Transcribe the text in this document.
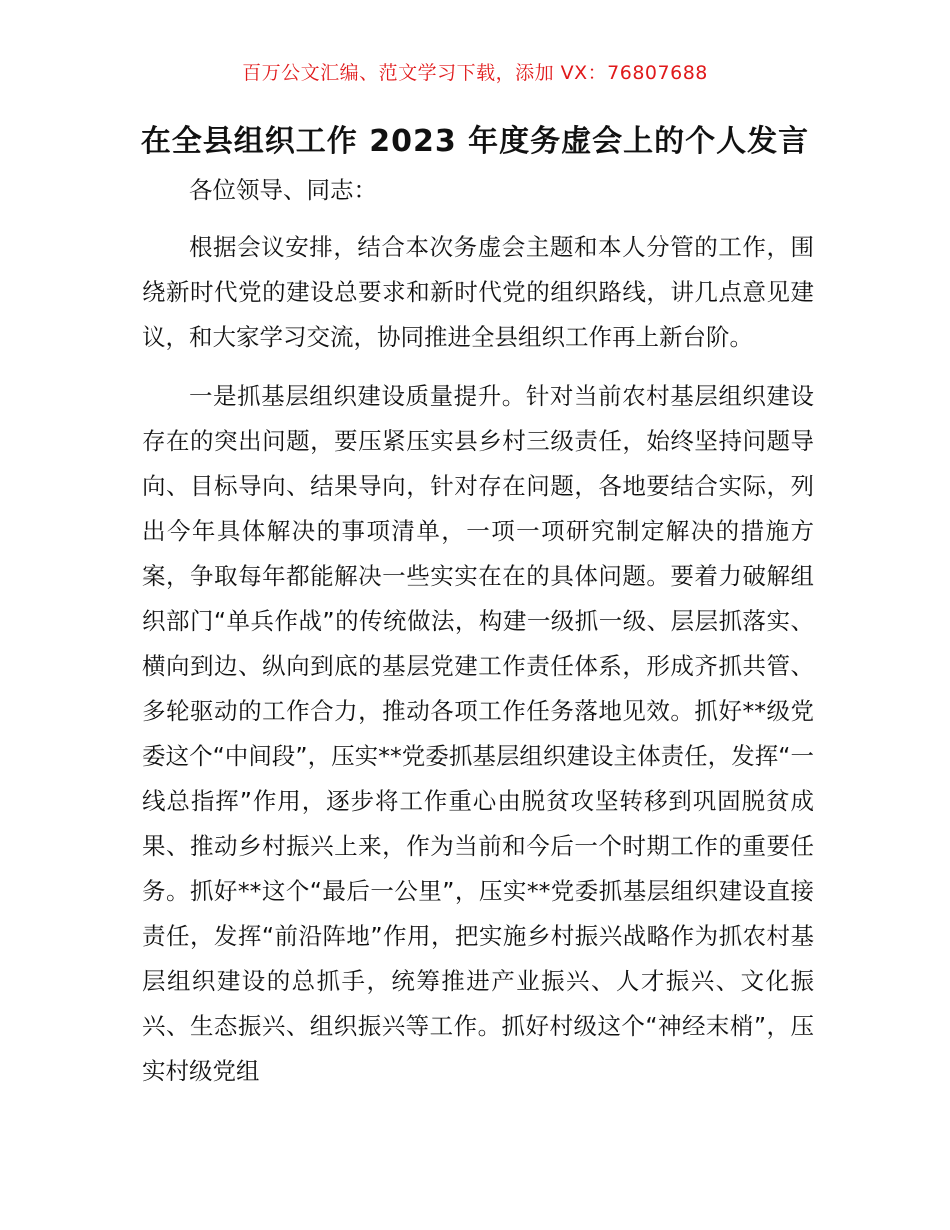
百万公文汇编、范文学习下载，添加 VX：76807688
在全县组织工作 2023 年度务虚会上的个人发言

各位领导、同志：

根据会议安排，结合本次务虚会主题和本人分管的工作，围绕新时代党的建设总要求和新时代党的组织路线，讲几点意见建议，和大家学习交流，协同推进全县组织工作再上新台阶。

一是抓基层组织建设质量提升。针对当前农村基层组织建设存在的突出问题，要压紧压实县乡村三级责任，始终坚持问题导向、目标导向、结果导向，针对存在问题，各地要结合实际，列出今年具体解决的事项清单，一项一项研究制定解决的措施方案，争取每年都能解决一些实实在在的具体问题。要着力破解组织部门“单兵作战”的传统做法，构建一级抓一级、层层抓落实、横向到边、纵向到底的基层党建工作责任体系，形成齐抓共管、多轮驱动的工作合力，推动各项工作任务落地见效。抓好**级党委这个“中间段”，压实**党委抓基层组织建设主体责任，发挥“一线总指挥”作用，逐步将工作重心由脱贫攻坚转移到巩固脱贫成果、推动乡村振兴上来，作为当前和今后一个时期工作的重要任务。抓好**这个“最后一公里”，压实**党委抓基层组织建设直接责任，发挥“前沿阵地”作用，把实施乡村振兴战略作为抓农村基层组织建设的总抓手，统筹推进产业振兴、人才振兴、文化振兴、生态振兴、组织振兴等工作。抓好村级这个“神经末梢”，压实村级党组
